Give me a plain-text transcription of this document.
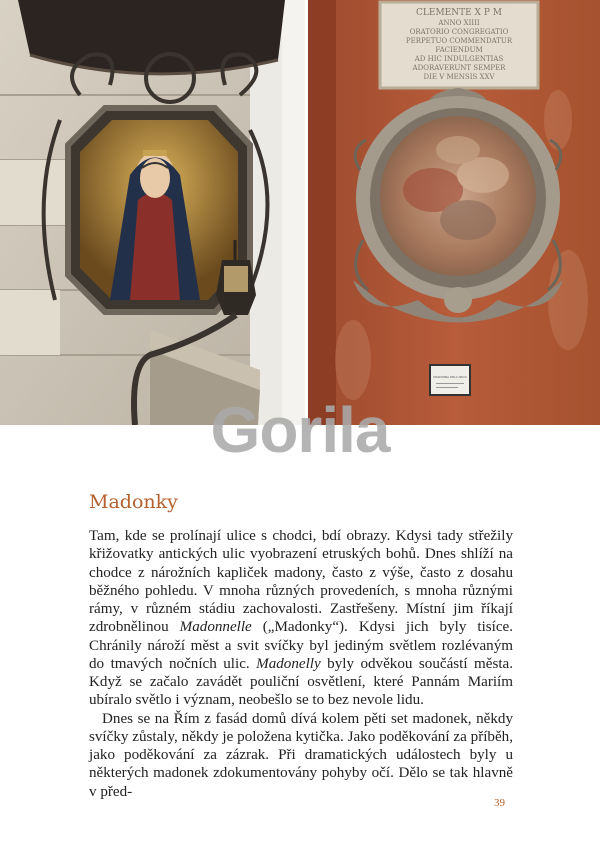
CLEMENTE X P M
ANNO XIIII
ORATORIO CONGREGATIO
PERPETUO COMMENDATUR
FACIENDUM
AD HIC INDULGENTIAS
ADORAVERUNT SEMPER
DIE V MENSIS XXV
MADONNA DELL'ARCO
Gorila
Madonky

Tam, kde se prolínají ulice s chodci, bdí obrazy. Kdysi tady střežily křižovatky antických ulic vyobrazení etruských bohů. Dnes shlíží na chodce z nárožních kapliček madony, často z výše, často z dosahu běžného pohledu. V mnoha různých provedeních, s mnoha různými rámy, v různém stádiu zachovalosti. Zastřešeny. Místní jim říkají zdrobnělinou Madonnelle („Madonky“). Kdysi jich byly tisíce. Chránily nároží měst a svit svíčky byl jediným světlem rozlévaným do tmavých nočních ulic. Madonelly byly odvěkou součástí města. Když se začalo zavádět pouliční osvětlení, které Pannám Mariím ubíralo světlo i význam, neobešlo se to bez nevole lidu.

Dnes se na Řím z fasád domů dívá kolem pěti set madonek, někdy svíčky zůstaly, někdy je položena kytička. Jako poděkování za příběh, jako poděkování za zázrak. Při dramatických událostech byly u některých madonek zdokumentovány pohyby očí. Dělo se tak hlavně v před-

39
